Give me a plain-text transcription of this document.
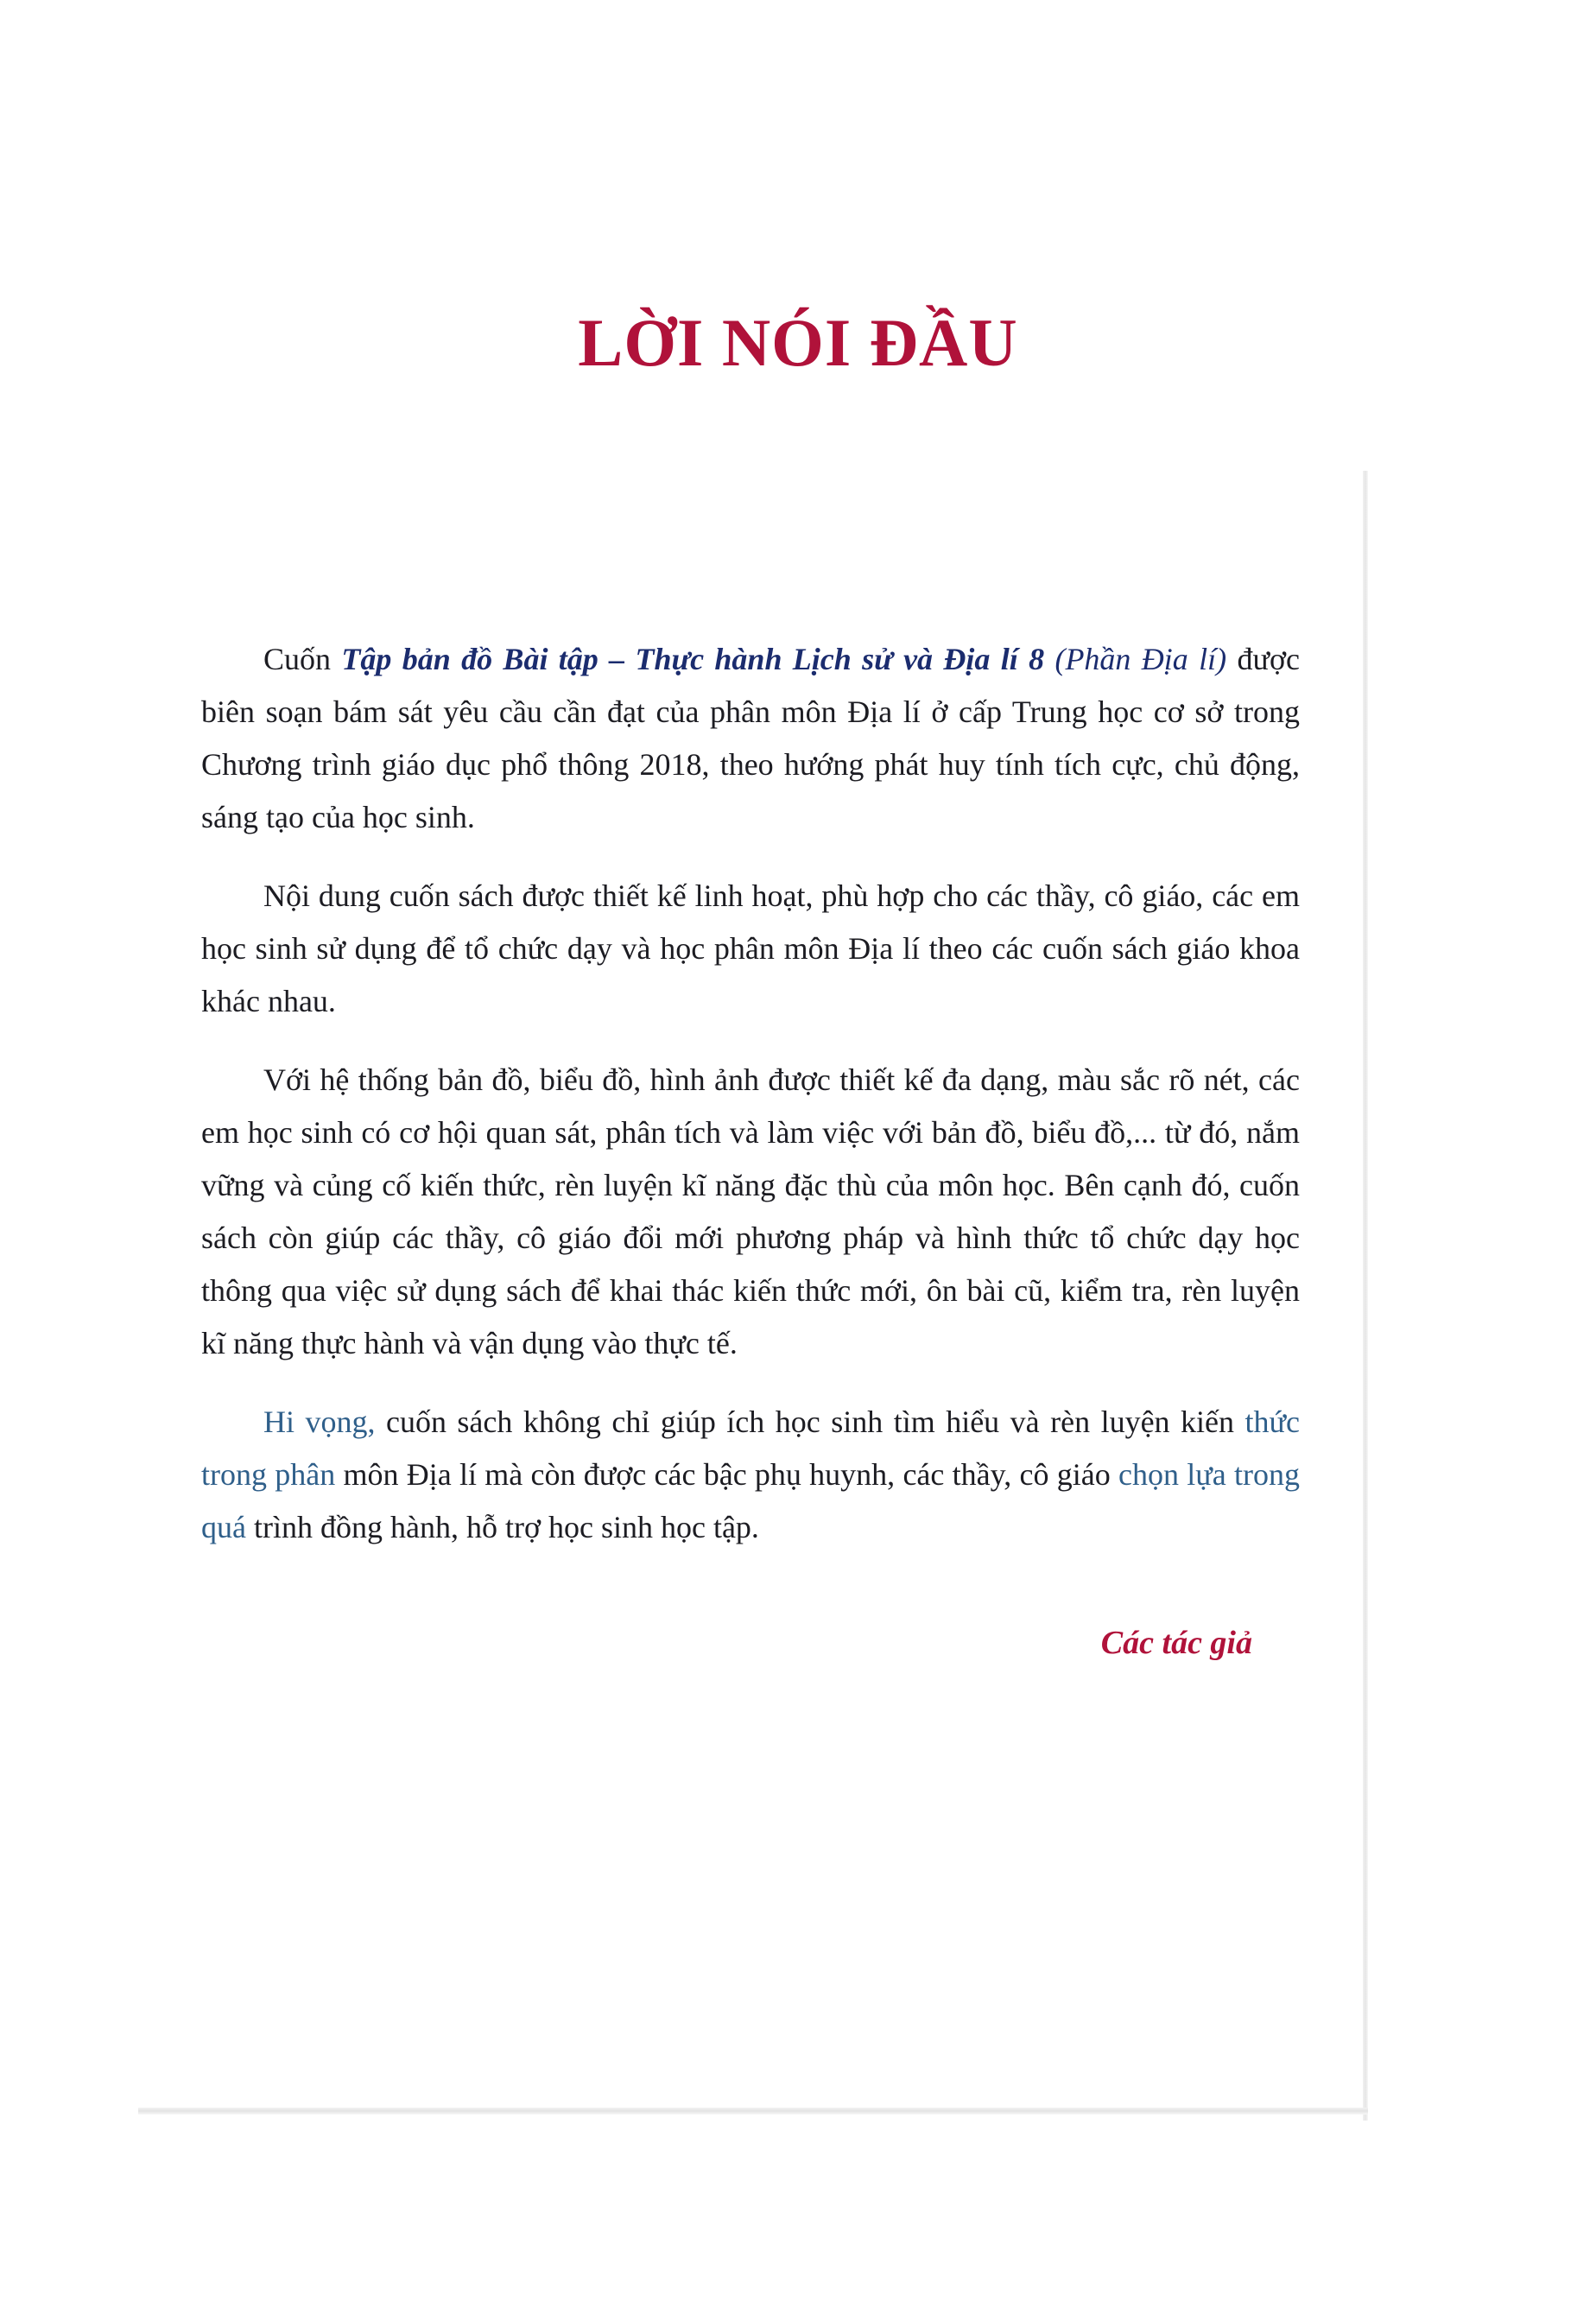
LỜI NÓI ĐẦU

Cuốn Tập bản đồ Bài tập – Thực hành Lịch sử và Địa lí 8 (Phần Địa lí) được biên soạn bám sát yêu cầu cần đạt của phân môn Địa lí ở cấp Trung học cơ sở trong Chương trình giáo dục phổ thông 2018, theo hướng phát huy tính tích cực, chủ động, sáng tạo của học sinh.

Nội dung cuốn sách được thiết kế linh hoạt, phù hợp cho các thầy, cô giáo, các em học sinh sử dụng để tổ chức dạy và học phân môn Địa lí theo các cuốn sách giáo khoa khác nhau.

Với hệ thống bản đồ, biểu đồ, hình ảnh được thiết kế đa dạng, màu sắc rõ nét, các em học sinh có cơ hội quan sát, phân tích và làm việc với bản đồ, biểu đồ,... từ đó, nắm vững và củng cố kiến thức, rèn luyện kĩ năng đặc thù của môn học. Bên cạnh đó, cuốn sách còn giúp các thầy, cô giáo đổi mới phương pháp và hình thức tổ chức dạy học thông qua việc sử dụng sách để khai thác kiến thức mới, ôn bài cũ, kiểm tra, rèn luyện kĩ năng thực hành và vận dụng vào thực tế.

Hi vọng, cuốn sách không chỉ giúp ích học sinh tìm hiểu và rèn luyện kiến thức trong phân môn Địa lí mà còn được các bậc phụ huynh, các thầy, cô giáo chọn lựa trong quá trình đồng hành, hỗ trợ học sinh học tập.

Các tác giả
